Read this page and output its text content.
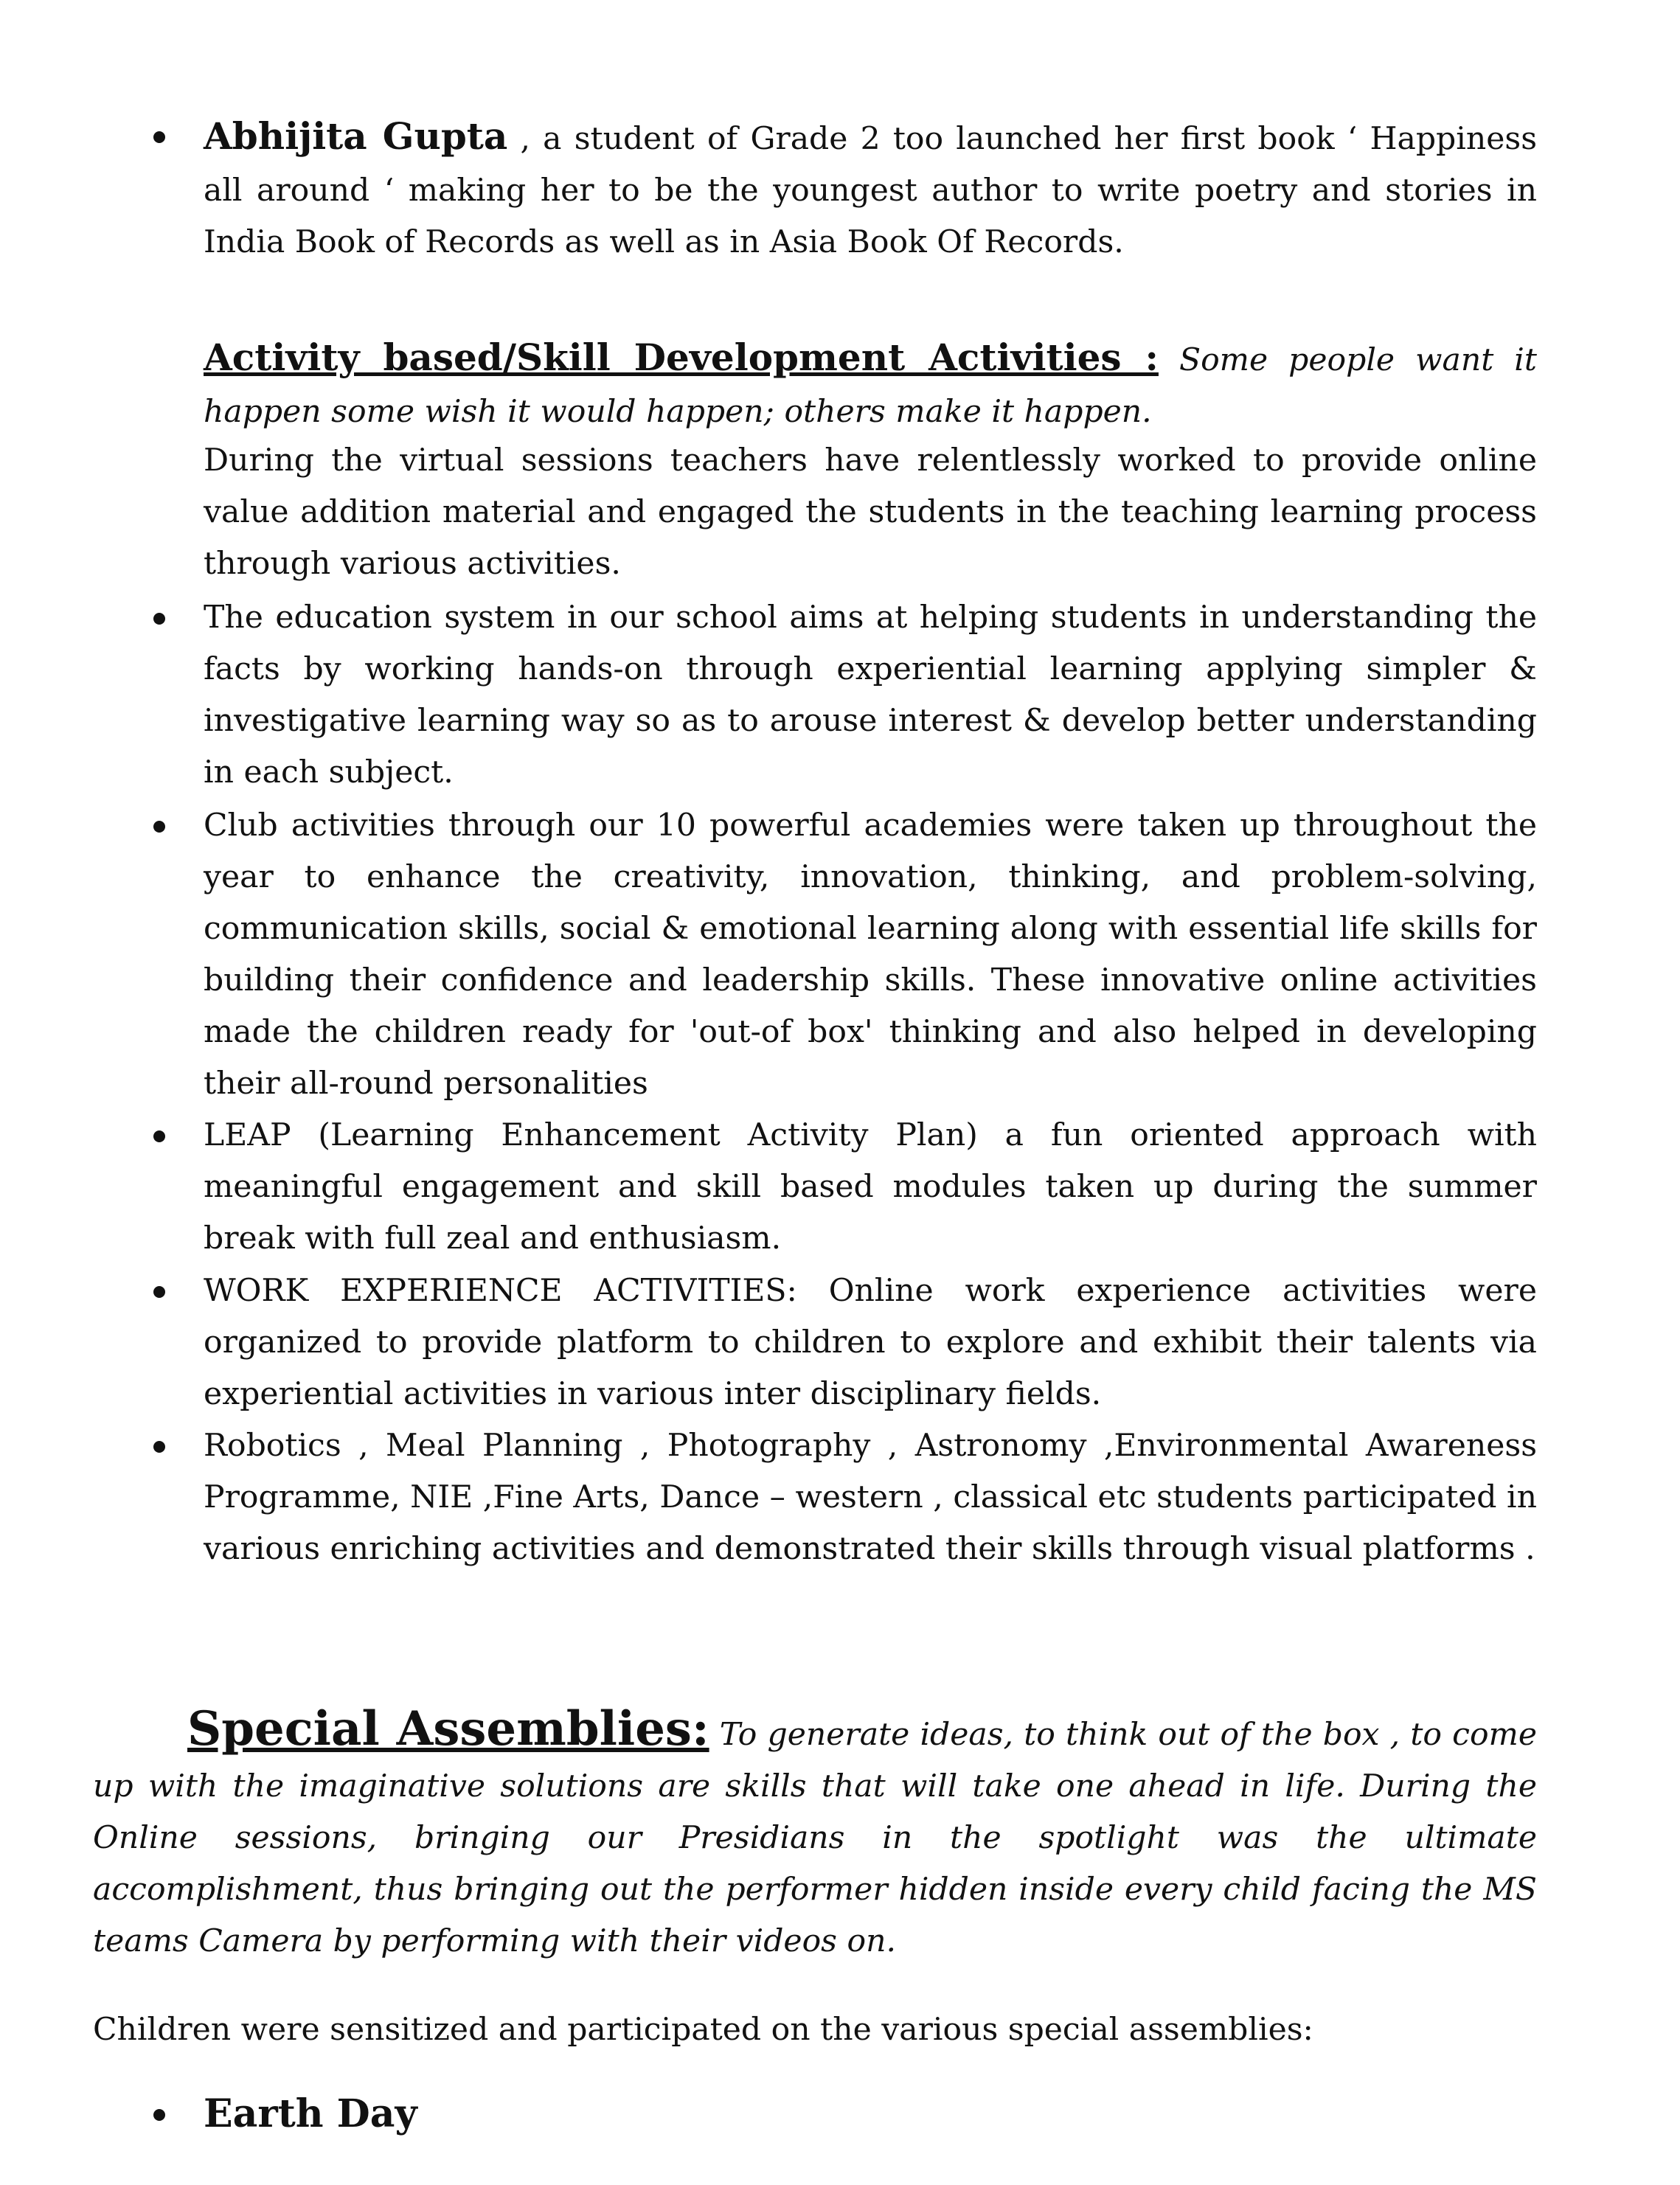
Abhijita Gupta , a student of Grade 2 too launched her first book ‘ Happiness all around ‘ making her to be the youngest author to write poetry and stories in India Book of Records as well as in Asia Book Of Records.
Activity based/Skill Development Activities : Some people want it happen some wish it would happen; others make it happen.
During the virtual sessions teachers have relentlessly worked to provide online value addition material and engaged the students in the teaching learning process through various activities.
The education system in our school aims at helping students in understanding the facts by working hands-on through experiential learning applying simpler & investigative learning way so as to arouse interest & develop better understanding in each subject.
Club activities through our 10 powerful academies were taken up throughout the year to enhance the creativity, innovation, thinking, and problem-solving, communication skills, social & emotional learning along with essential life skills for building their confidence and leadership skills. These innovative online activities made the children ready for 'out-of box' thinking and also helped in developing their all-round personalities
LEAP (Learning Enhancement Activity Plan) a fun oriented approach with meaningful engagement and skill based modules taken up during the summer break with full zeal and enthusiasm.
WORK EXPERIENCE ACTIVITIES: Online work experience activities were organized to provide platform to children to explore and exhibit their talents via experiential activities in various inter disciplinary fields.
Robotics , Meal Planning , Photography , Astronomy ,Environmental Awareness Programme, NIE ,Fine Arts, Dance – western , classical etc students participated in various enriching activities and demonstrated their skills through visual platforms .
Special Assemblies: To generate ideas, to think out of the box , to come up with the imaginative solutions are skills that will take one ahead in life. During the Online sessions, bringing our Presidians in the spotlight was the ultimate accomplishment, thus bringing out the performer hidden inside every child facing the MS teams Camera by performing with their videos on.
Children were sensitized and participated on the various special assemblies:
Earth Day
